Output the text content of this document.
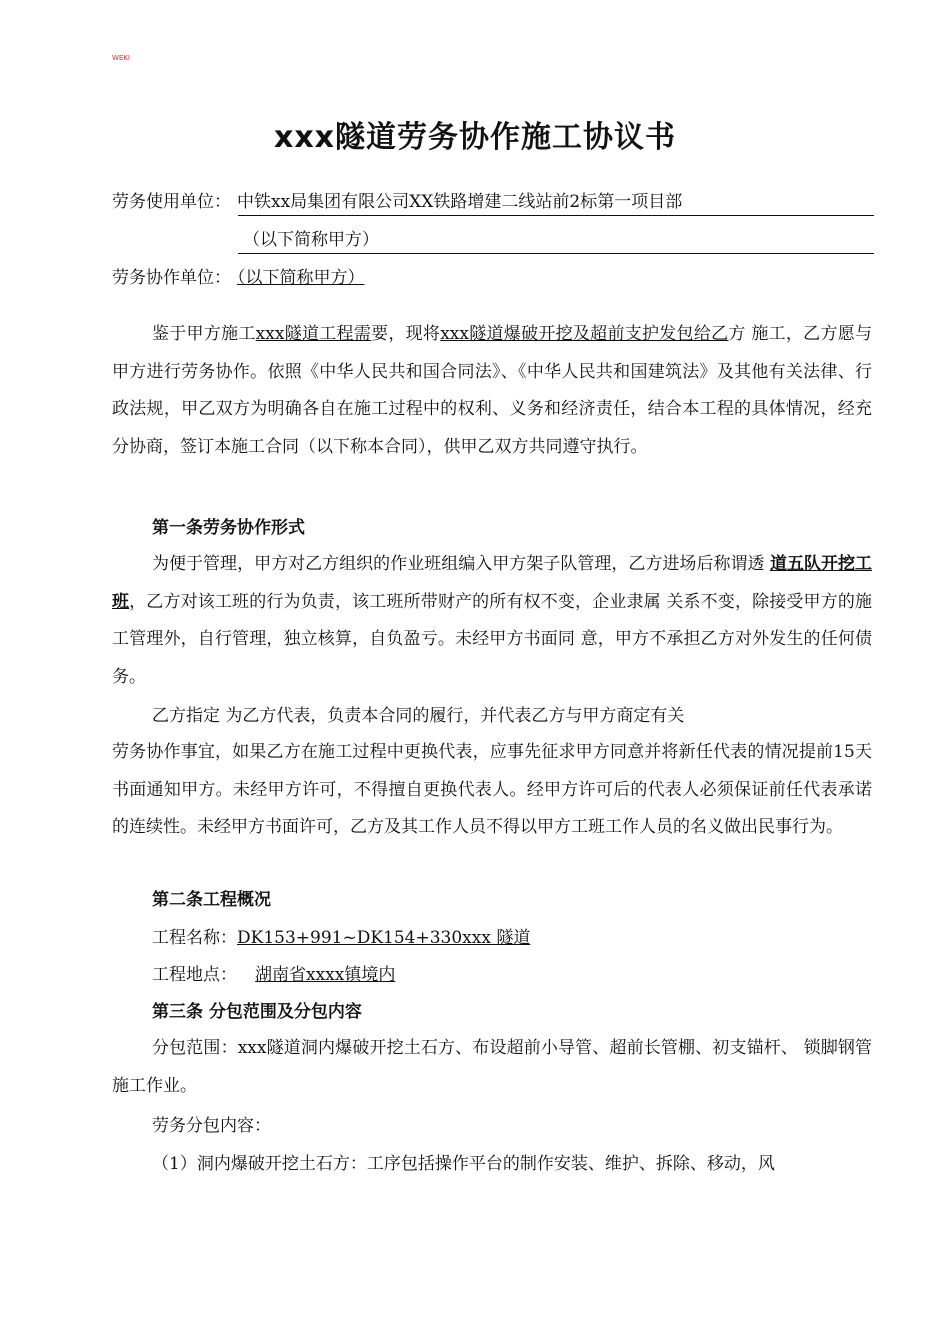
WEKI
xxx隧道劳务协作施工协议书
劳务使用单位： 中铁xx局集团有限公司XX铁路增建二线站前2标第一项目部
（以下简称甲方）
劳务协作单位： （以下简称甲方）
鉴于甲方施工xxx隧道工程需要，现将xxx隧道爆破开挖及超前支护发包给乙方 施工，乙方愿与甲方进行劳务协作。依照《中华人民共和国合同法》、《中华人民共和国建筑法》及其他有关法律、行政法规，甲乙双方为明确各自在施工过程中的权利、义务和经济责任，结合本工程的具体情况，经充分协商，签订本施工合同（以下称本合同），供甲乙双方共同遵守执行。
第一条劳务协作形式
为便于管理，甲方对乙方组织的作业班组编入甲方架子队管理，乙方进场后称谓透 道五队开挖工班，乙方对该工班的行为负责，该工班所带财产的所有权不变，企业隶属 关系不变，除接受甲方的施工管理外，自行管理，独立核算，自负盈亏。未经甲方书面同 意，甲方不承担乙方对外发生的任何债务。
乙方指定 为乙方代表，负责本合同的履行，并代表乙方与甲方商定有关
劳务协作事宜，如果乙方在施工过程中更换代表，应事先征求甲方同意并将新任代表的情况提前15天书面通知甲方。未经甲方许可，不得擅自更换代表人。经甲方许可后的代表人必须保证前任代表承诺的连续性。未经甲方书面许可，乙方及其工作人员不得以甲方工班工作人员的名义做出民事行为。
第二条工程概况
工程名称：DK153+991~DK154+330xxx 隧道
工程地点： 湖南省xxxx镇境内
第三条 分包范围及分包内容
分包范围：xxx隧道洞内爆破开挖土石方、布设超前小导管、超前长管棚、初支锚杆、 锁脚钢管施工作业。
劳务分包内容：
（1）洞内爆破开挖土石方：工序包括操作平台的制作安装、维护、拆除、移动，风
